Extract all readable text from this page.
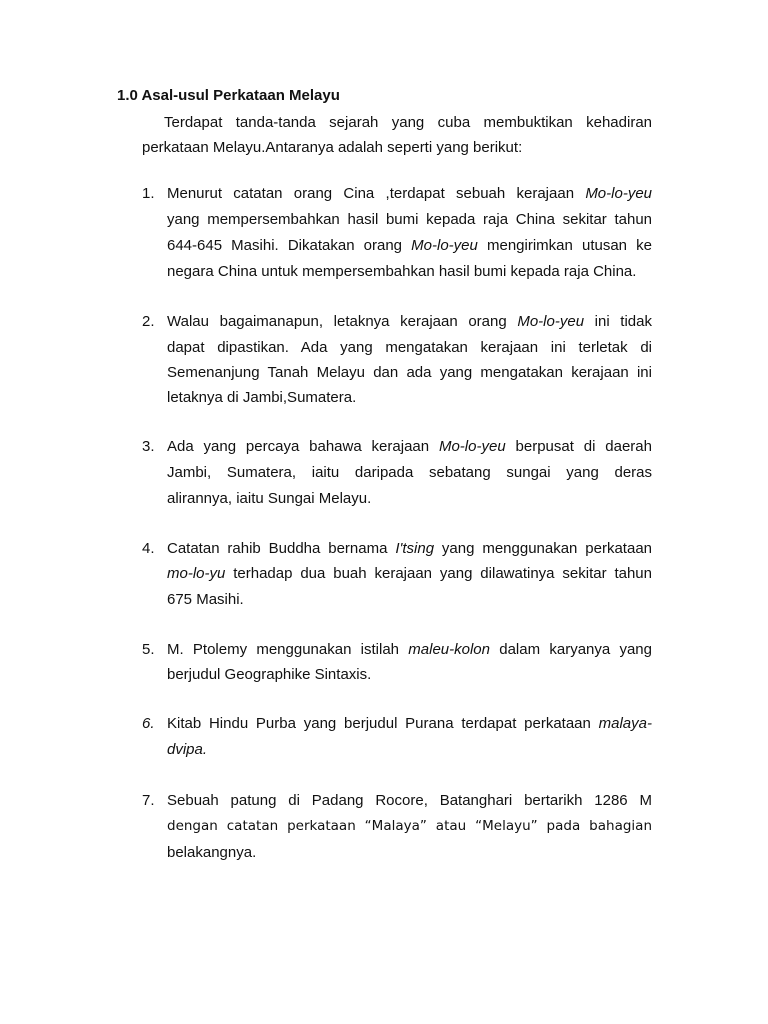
1.0 Asal-usul Perkataan Melayu
Terdapat tanda-tanda sejarah yang cuba membuktikan kehadiran
perkataan Melayu.Antaranya adalah seperti yang berikut:
1. Menurut catatan orang Cina ,terdapat sebuah kerajaan Mo-lo-yeu
yang mempersembahkan hasil bumi kepada raja China sekitar tahun
644-645 Masihi. Dikatakan orang Mo-lo-yeu mengirimkan utusan ke
negara China untuk mempersembahkan hasil bumi kepada raja China.
2. Walau bagaimanapun, letaknya kerajaan orang Mo-lo-yeu ini tidak
dapat dipastikan. Ada yang mengatakan kerajaan ini terletak di
Semenanjung Tanah Melayu dan ada yang mengatakan kerajaan ini
letaknya di Jambi,Sumatera.
3. Ada yang percaya bahawa kerajaan Mo-lo-yeu berpusat di daerah
Jambi, Sumatera, iaitu daripada sebatang sungai yang deras
alirannya, iaitu Sungai Melayu.
4. Catatan rahib Buddha bernama I'tsing yang menggunakan perkataan
mo-lo-yu terhadap dua buah kerajaan yang dilawatinya sekitar tahun
675 Masihi.
5. M. Ptolemy menggunakan istilah maleu-kolon dalam karyanya yang
berjudul Geographike Sintaxis.
6. Kitab Hindu Purba yang berjudul Purana terdapat perkataan malaya-
dvipa.
7. Sebuah patung di Padang Rocore, Batanghari bertarikh 1286 M
dengan catatan perkataan “Malaya” atau “Melayu” pada bahagian
belakangnya.
